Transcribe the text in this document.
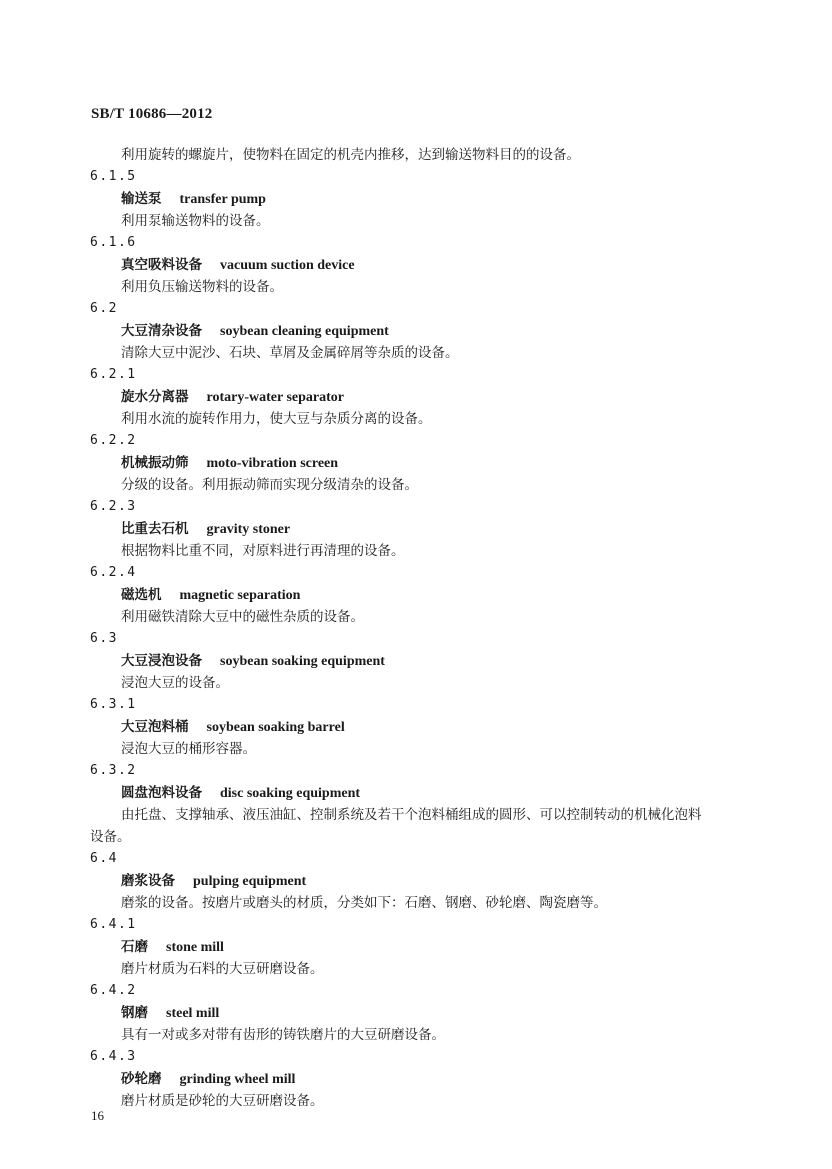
SB/T 10686—2012
利用旋转的螺旋片，使物料在固定的机壳内推移，达到输送物料目的的设备。
6.1.5
输送泵 transfer pump
利用泵输送物料的设备。
6.1.6
真空吸料设备 vacuum suction device
利用负压输送物料的设备。
6.2
大豆清杂设备 soybean cleaning equipment
清除大豆中泥沙、石块、草屑及金属碎屑等杂质的设备。
6.2.1
旋水分离器 rotary-water separator
利用水流的旋转作用力，使大豆与杂质分离的设备。
6.2.2
机械振动筛 moto-vibration screen
分级的设备。利用振动筛而实现分级清杂的设备。
6.2.3
比重去石机 gravity stoner
根据物料比重不同，对原料进行再清理的设备。
6.2.4
磁选机 magnetic separation
利用磁铁清除大豆中的磁性杂质的设备。
6.3
大豆浸泡设备 soybean soaking equipment
浸泡大豆的设备。
6.3.1
大豆泡料桶 soybean soaking barrel
浸泡大豆的桶形容器。
6.3.2
圆盘泡料设备 disc soaking equipment
由托盘、支撑轴承、液压油缸、控制系统及若干个泡料桶组成的圆形、可以控制转动的机械化泡料
设备。
6.4
磨浆设备 pulping equipment
磨浆的设备。按磨片或磨头的材质，分类如下：石磨、钢磨、砂轮磨、陶瓷磨等。
6.4.1
石磨 stone mill
磨片材质为石料的大豆研磨设备。
6.4.2
钢磨 steel mill
具有一对或多对带有齿形的铸铁磨片的大豆研磨设备。
6.4.3
砂轮磨 grinding wheel mill
磨片材质是砂轮的大豆研磨设备。
16
